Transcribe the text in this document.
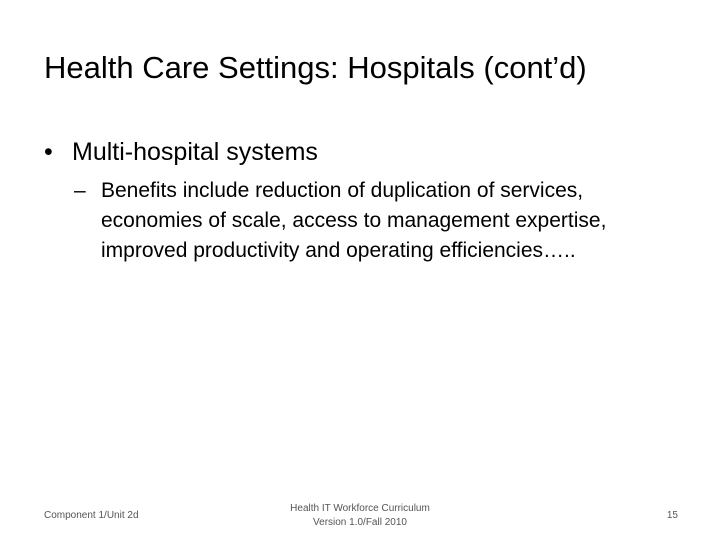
Health Care Settings: Hospitals (cont’d)
• Multi-hospital systems
– Benefits include reduction of duplication of services, economies of scale, access to management expertise, improved productivity and operating efficiencies…..
Component 1/Unit 2d
Health IT Workforce Curriculum
Version 1.0/Fall 2010
15
